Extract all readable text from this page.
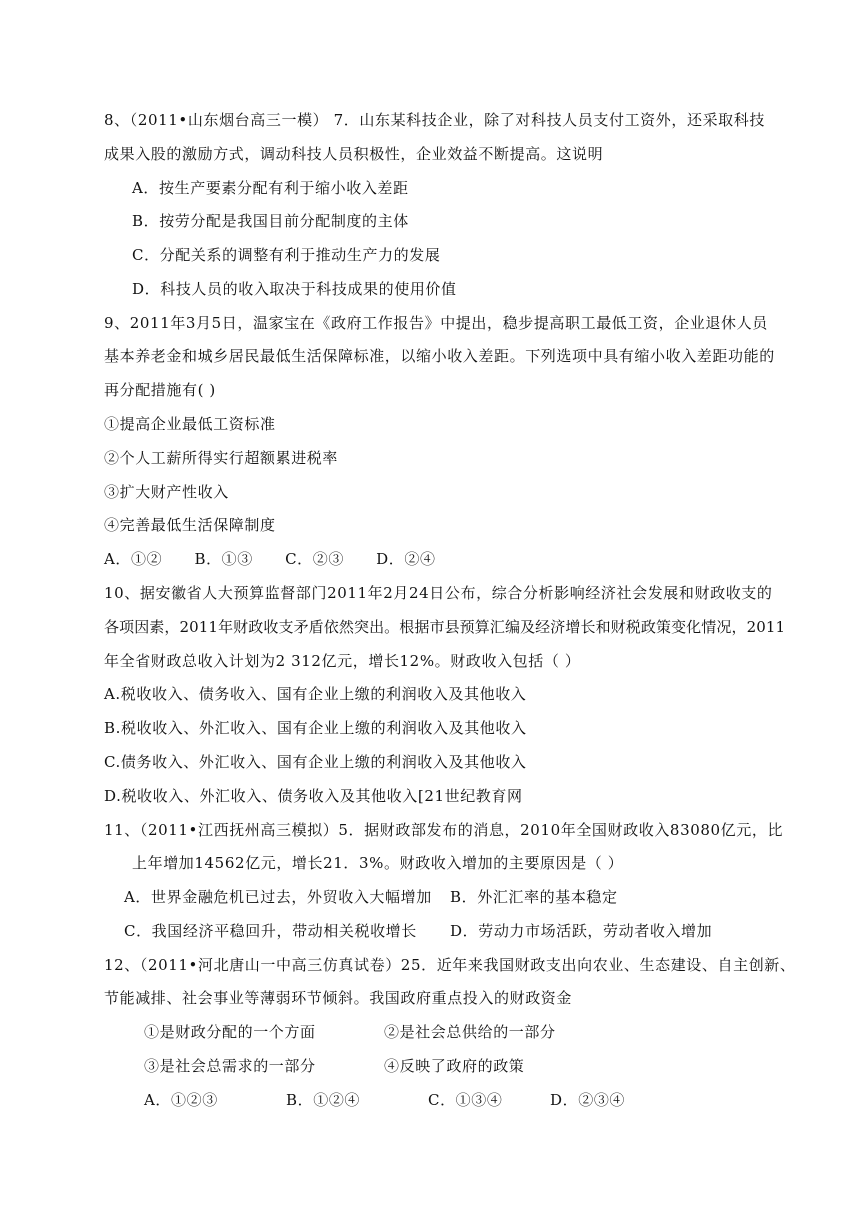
8、（2011•山东烟台高三一模） 7．山东某科技企业，除了对科技人员支付工资外，还采取科技
成果入股的激励方式，调动科技人员积极性，企业效益不断提高。这说明
A．按生产要素分配有利于缩小收入差距
B．按劳分配是我国目前分配制度的主体
C．分配关系的调整有利于推动生产力的发展
D．科技人员的收入取决于科技成果的使用价值
9、2011年3月5日，温家宝在《政府工作报告》中提出，稳步提高职工最低工资，企业退休人员
基本养老金和城乡居民最低生活保障标准，以缩小收入差距。下列选项中具有缩小收入差距功能的
再分配措施有( )
①提高企业最低工资标准
②个人工薪所得实行超额累进税率
③扩大财产性收入
④完善最低生活保障制度
A．①②      B．①③      C．②③      D．②④
10、据安徽省人大预算监督部门2011年2月24日公布，综合分析影响经济社会发展和财政收支的
各项因素，2011年财政收支矛盾依然突出。根据市县预算汇编及经济增长和财税政策变化情况，2011
年全省财政总收入计划为2 312亿元，增长12%。财政收入包括（ ）
A.税收收入、债务收入、国有企业上缴的利润收入及其他收入
B.税收收入、外汇收入、国有企业上缴的利润收入及其他收入
C.债务收入、外汇收入、国有企业上缴的利润收入及其他收入
D.税收收入、外汇收入、债务收入及其他收入[21世纪教育网
11、（2011•江西抚州高三模拟）5．据财政部发布的消息，2010年全国财政收入83080亿元，比
上年增加14562亿元，增长21．3%。财政收入增加的主要原因是（ ）
A．世界金融危机已过去，外贸收入大幅增加 B．外汇汇率的基本稳定
C．我国经济平稳回升，带动相关税收增长 D．劳动力市场活跃，劳动者收入增加
12、（2011•河北唐山一中高三仿真试卷）25．近年来我国财政支出向农业、生态建设、自主创新、
节能减排、社会事业等薄弱环节倾斜。我国政府重点投入的财政资金
①是财政分配的一个方面	②是社会总供给的一部分
③是社会总需求的一部分	④反映了政府的政策
A．①②③	B．①②④	C．①③④	D．②③④
